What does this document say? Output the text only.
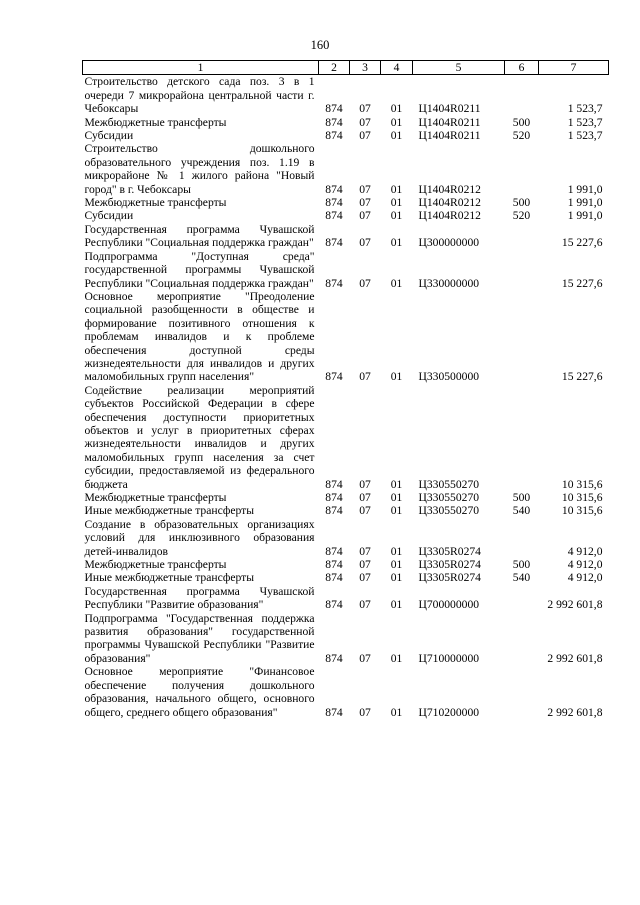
160
1	2	3	4	5	6	7
Строительство детского сада поз. 3 в 1 очереди 7 микрорайона центральной части г. Чебоксары	874	07	01	Ц1404R0211		1 523,7
Межбюджетные трансферты	874	07	01	Ц1404R0211	500	1 523,7
Субсидии	874	07	01	Ц1404R0211	520	1 523,7
Строительство дошкольного образовательного учреждения поз. 1.19 в микрорайоне № 1 жилого района "Новый город" в г. Чебоксары	874	07	01	Ц1404R0212		1 991,0
Межбюджетные трансферты	874	07	01	Ц1404R0212	500	1 991,0
Субсидии	874	07	01	Ц1404R0212	520	1 991,0
Государственная программа Чувашской Республики "Социальная поддержка граждан"	874	07	01	Ц300000000		15 227,6
Подпрограмма "Доступная среда" государственной программы Чувашской Республики "Социальная поддержка граждан"	874	07	01	Ц330000000		15 227,6
Основное мероприятие "Преодоление социальной разобщенности в обществе и формирование позитивного отношения к проблемам инвалидов и к проблеме обеспечения доступной среды жизнедеятельности для инвалидов и других маломобильных групп населения"	874	07	01	Ц330500000		15 227,6
Содействие реализации мероприятий субъектов Российской Федерации в сфере обеспечения доступности приоритетных объектов и услуг в приоритетных сферах жизнедеятельности инвалидов и других маломобильных групп населения за счет субсидии, предоставляемой из федерального бюджета	874	07	01	Ц330550270		10 315,6
Межбюджетные трансферты	874	07	01	Ц330550270	500	10 315,6
Иные межбюджетные трансферты	874	07	01	Ц330550270	540	10 315,6
Создание в образовательных организациях условий для инклюзивного образования детей-инвалидов	874	07	01	Ц3305R0274		4 912,0
Межбюджетные трансферты	874	07	01	Ц3305R0274	500	4 912,0
Иные межбюджетные трансферты	874	07	01	Ц3305R0274	540	4 912,0
Государственная программа Чувашской Республики "Развитие образования"	874	07	01	Ц700000000		2 992 601,8
Подпрограмма "Государственная поддержка развития образования" государственной программы Чувашской Республики "Развитие образования"	874	07	01	Ц710000000		2 992 601,8
Основное мероприятие "Финансовое обеспечение получения дошкольного образования, начального общего, основного общего, среднего общего образования"	874	07	01	Ц710200000		2 992 601,8
